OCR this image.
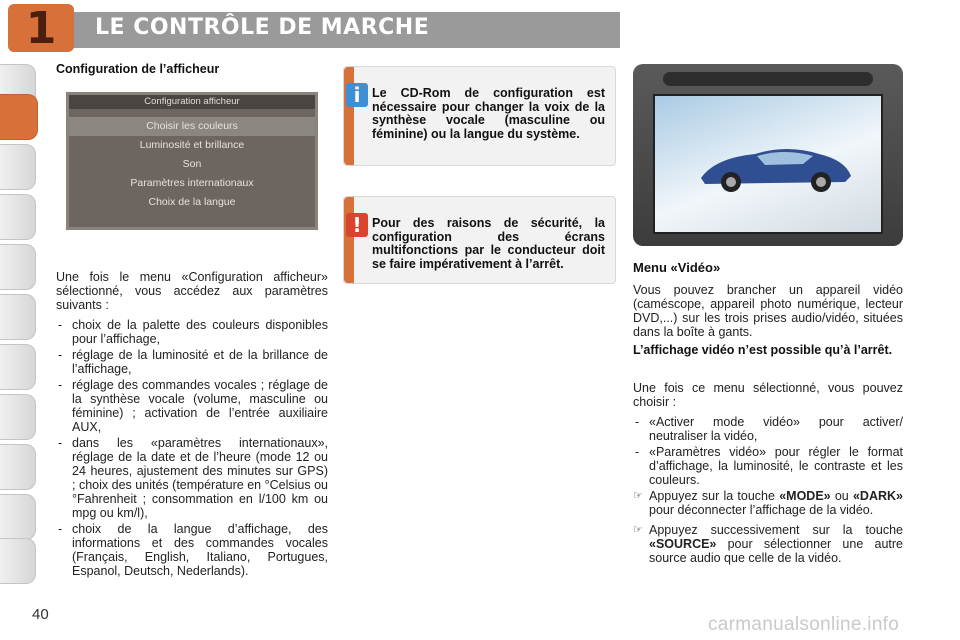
1 LE CONTRÔLE DE MARCHE
Configuration de l’afficheur
Configuration afficheur
Choisir les couleurs
Luminosité et brillance
Son
Paramètres internationaux
Choix de la langue

Une fois le menu «Configuration afficheur» sélectionné, vous accédez aux paramètres suivants :

- choix de la palette des couleurs disponibles pour l’affichage,
- réglage de la luminosité et de la brillance de l’affichage,
- réglage des commandes vocales ; réglage de la synthèse vocale (volume, masculine ou féminine) ; activation de l’entrée auxiliaire AUX,
- dans les «paramètres internationaux», réglage de la date et de l’heure (mode 12 ou 24 heures, ajustement des minutes sur GPS) ; choix des unités (température en °Celsius ou °Fahrenheit ; consommation en l/100 km ou mpg ou km/l),
- choix de la langue d’affichage, des informations et des commandes vocales (Français, English, Italiano, Portugues, Espanol, Deutsch, Nederlands).
i Le CD-Rom de configuration est nécessaire pour changer la voix de la synthèse vocale (masculine ou féminine) ou la langue du système.

! Pour des raisons de sécurité, la configuration des écrans multifonctions par le conducteur doit se faire impérativement à l’arrêt.	Menu «Vidéo»

Vous pouvez brancher un appareil vidéo (caméscope, appareil photo numérique, lecteur DVD,...) sur les trois prises audio/vidéo, situées dans la boîte à gants.

L’affichage vidéo n’est possible qu’à l’arrêt.

Une fois ce menu sélectionné, vous pouvez choisir :

- «Activer mode vidéo» pour activer/ neutraliser la vidéo,
- «Paramètres vidéo» pour régler le format d’affichage, la luminosité, le contraste et les couleurs.
☞ Appuyez sur la touche «MODE» ou «DARK» pour déconnecter l’affichage de la vidéo.
☞ Appuyez successivement sur la touche «SOURCE» pour sélectionner une autre source audio que celle de la vidéo.
40	carmanualsonline.info
